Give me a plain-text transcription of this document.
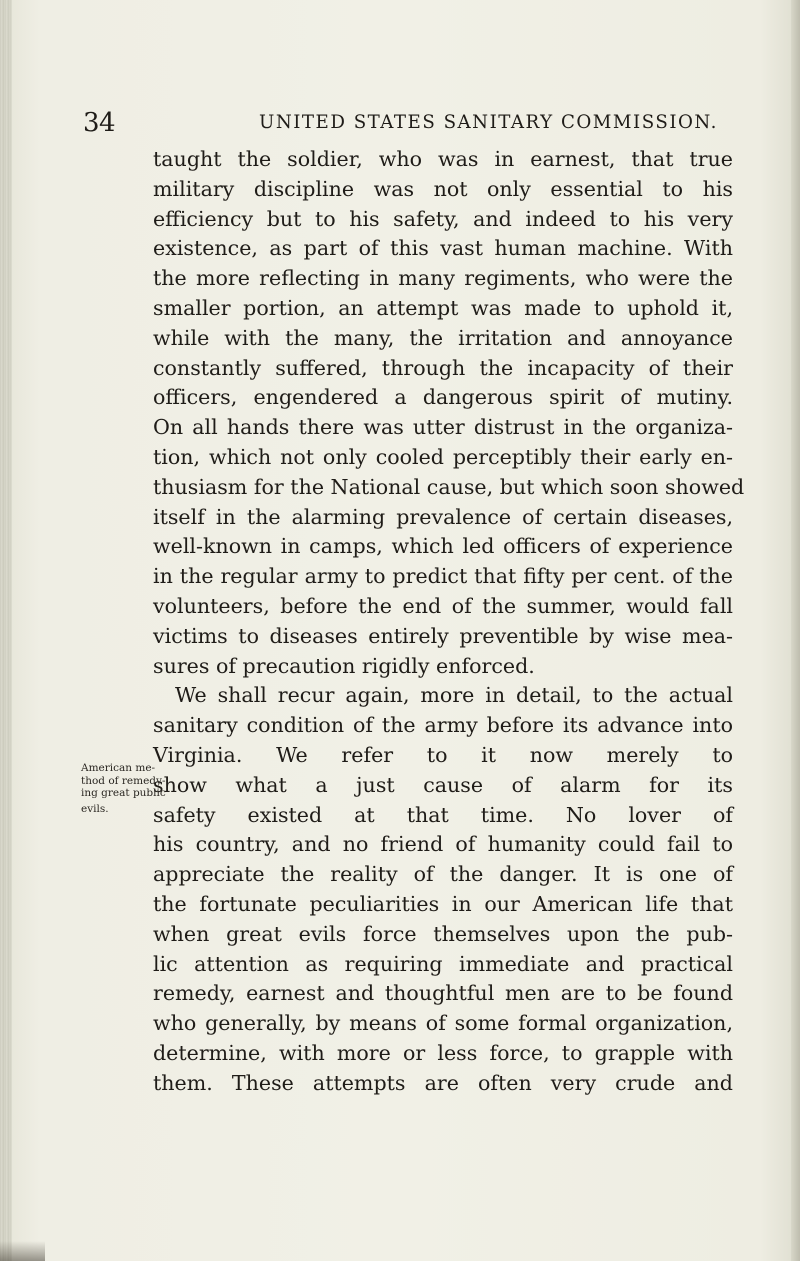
34	UNITED STATES SANITARY COMMISSION.
American me-
thod of remedy-
ing great public
evils.
taught the soldier, who was in earnest, that true
military discipline was not only essential to his
efficiency but to his safety, and indeed to his very
existence, as part of this vast human machine. With
the more reflecting in many regiments, who were the
smaller portion, an attempt was made to uphold it,
while with the many, the irritation and annoyance
constantly suffered, through the incapacity of their
officers, engendered a dangerous spirit of mutiny.
On all hands there was utter distrust in the organiza-
tion, which not only cooled perceptibly their early en-
thusiasm for the National cause, but which soon showed
itself in the alarming prevalence of certain diseases,
well-known in camps, which led officers of experience
in the regular army to predict that fifty per cent. of the
volunteers, before the end of the summer, would fall
victims to diseases entirely preventible by wise mea-
sures of precaution rigidly enforced.
We shall recur again, more in detail, to the actual
sanitary condition of the army before its advance into
Virginia. We refer to it now merely to
show what a just cause of alarm for its
safety existed at that time. No lover of
his country, and no friend of humanity could fail to
appreciate the reality of the danger. It is one of
the fortunate peculiarities in our American life that
when great evils force themselves upon the pub-
lic attention as requiring immediate and practical
remedy, earnest and thoughtful men are to be found
who generally, by means of some formal organization,
determine, with more or less force, to grapple with
them. These attempts are often very crude and
